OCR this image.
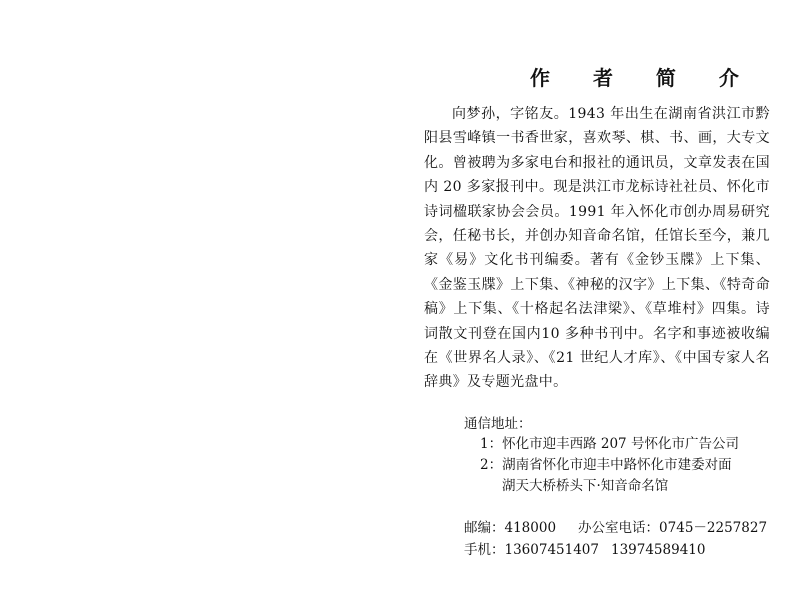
作 者 简 介

向梦孙，字铭友。1943 年出生在湖南省洪江市黔阳县雪峰镇一书香世家，喜欢琴、棋、书、画，大专文化。曾被聘为多家电台和报社的通讯员，文章发表在国内 20 多家报刊中。现是洪江市龙标诗社社员、怀化市诗词楹联家协会会员。1991 年入怀化市创办周易研究会，任秘书长，并创办知音命名馆，任馆长至今，兼几家《易》文化书刊编委。著有《金钞玉牒》上下集、《金鉴玉牒》上下集、《神秘的汉字》上下集、《特奇命稿》上下集、《十格起名法津梁》、《草堆村》四集。诗词散文刊登在国内10 多种书刊中。名字和事迹被收编在《世界名人录》、《21 世纪人才库》、《中国专家人名辞典》及专题光盘中。

通信地址：

1：怀化市迎丰西路 207 号怀化市广告公司

2：湖南省怀化市迎丰中路怀化市建委对面

湖天大桥桥头下·知音命名馆

邮编：418000 办公室电话：0745－2257827

手机：13607451407 13974589410
